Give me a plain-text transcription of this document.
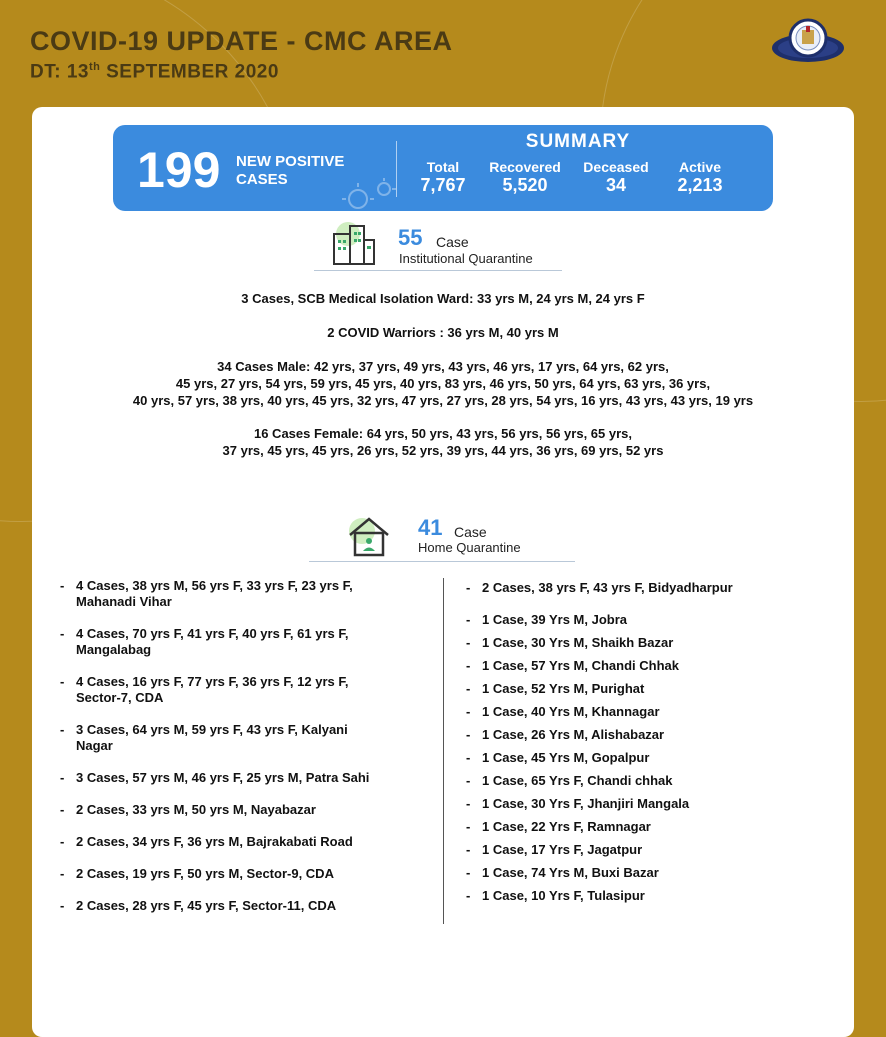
COVID-19 UPDATE - CMC AREA
DT: 13th SEPTEMBER 2020
199 NEW POSITIVE CASES
SUMMARY
Total
7,767
Recovered
5,520
Deceased
34
Active
2,213
55 Case
Institutional Quarantine
3 Cases, SCB Medical Isolation Ward: 33 yrs M, 24 yrs M, 24 yrs F
2 COVID Warriors : 36 yrs M, 40 yrs M
34 Cases Male: 42 yrs, 37 yrs, 49 yrs, 43 yrs, 46 yrs, 17 yrs, 64 yrs, 62 yrs,
45 yrs, 27 yrs, 54 yrs, 59 yrs, 45 yrs, 40 yrs, 83 yrs, 46 yrs, 50 yrs, 64 yrs, 63 yrs, 36 yrs,
40 yrs, 57 yrs, 38 yrs, 40 yrs, 45 yrs, 32 yrs, 47 yrs, 27 yrs, 28 yrs, 54 yrs, 16 yrs, 43 yrs, 43 yrs, 19 yrs
16 Cases Female: 64 yrs, 50 yrs, 43 yrs, 56 yrs, 56 yrs, 65 yrs,
37 yrs, 45 yrs, 45 yrs, 26 yrs, 52 yrs, 39 yrs, 44 yrs, 36 yrs, 69 yrs, 52 yrs
41 Case
Home Quarantine
- 4 Cases, 38 yrs M, 56 yrs F, 33 yrs F, 23 yrs F,
Mahanadi Vihar
- 4 Cases, 70 yrs F, 41 yrs F, 40 yrs F, 61 yrs F,
Mangalabag
- 4 Cases, 16 yrs F, 77 yrs F, 36 yrs F, 12 yrs F,
Sector-7, CDA
- 3 Cases, 64 yrs M, 59 yrs F, 43 yrs F, Kalyani
Nagar
- 3 Cases, 57 yrs M, 46 yrs F, 25 yrs M, Patra Sahi
- 2 Cases, 33 yrs M, 50 yrs M, Nayabazar
- 2 Cases, 34 yrs F, 36 yrs M, Bajrakabati Road
- 2 Cases, 19 yrs F, 50 yrs M, Sector-9, CDA
- 2 Cases, 28 yrs F, 45 yrs F, Sector-11, CDA
- 2 Cases, 38 yrs F, 43 yrs F, Bidyadharpur
- 1 Case, 39 Yrs M, Jobra
- 1 Case, 30 Yrs M, Shaikh Bazar
- 1 Case, 57 Yrs M, Chandi Chhak
- 1 Case, 52 Yrs M, Purighat
- 1 Case, 40 Yrs M, Khannagar
- 1 Case, 26 Yrs M, Alishabazar
- 1 Case, 45 Yrs M, Gopalpur
- 1 Case, 65 Yrs F, Chandi chhak
- 1 Case, 30 Yrs F, Jhanjiri Mangala
- 1 Case, 22 Yrs F, Ramnagar
- 1 Case, 17 Yrs F, Jagatpur
- 1 Case, 74 Yrs M, Buxi Bazar
- 1 Case, 10 Yrs F, Tulasipur
